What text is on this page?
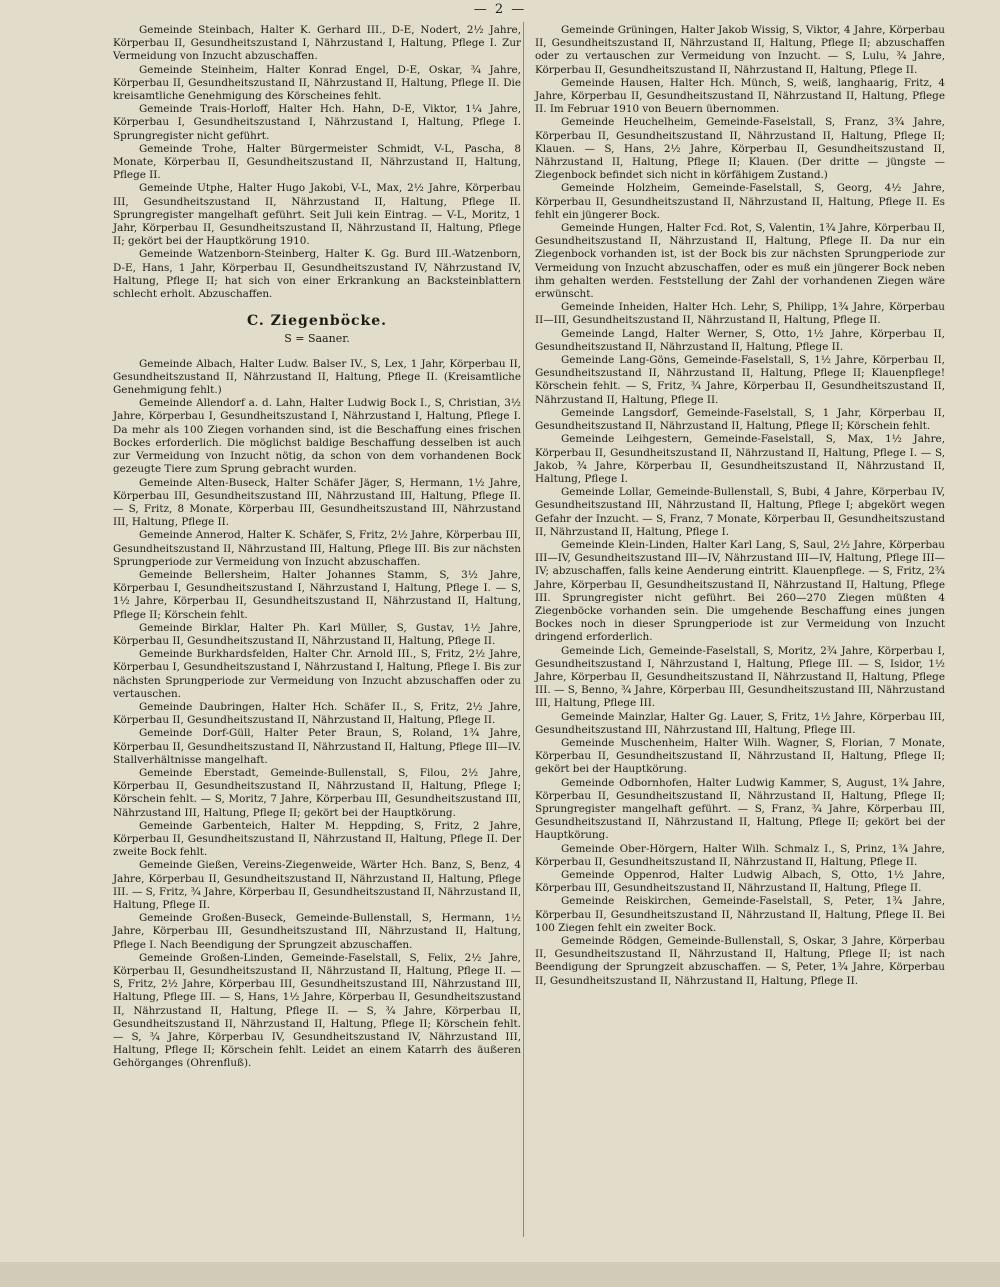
— 2 —

Gemeinde Steinbach, Halter K. Gerhard III., D-E, Nodert, 2½ Jahre, Körperbau II, Gesundheitszustand I, Nährzustand I, Haltung, Pflege I. Zur Vermeidung von Inzucht abzuschaffen.

Gemeinde Steinheim, Halter Konrad Engel, D-E, Oskar, ¾ Jahre, Körperbau II, Gesundheitszustand II, Nährzustand II, Haltung, Pflege II. Die kreisamtliche Genehmigung des Körscheines fehlt.

Gemeinde Trais-Horloff, Halter Hch. Hahn, D-E, Viktor, 1¼ Jahre, Körperbau I, Gesundheitszustand I, Nährzustand I, Haltung, Pflege I. Sprungregister nicht geführt.

Gemeinde Trohe, Halter Bürgermeister Schmidt, V-L, Pascha, 8 Monate, Körperbau II, Gesundheitszustand II, Nährzustand II, Haltung, Pflege II.

Gemeinde Utphe, Halter Hugo Jakobi, V-L, Max, 2½ Jahre, Körperbau III, Gesundheitszustand II, Nährzustand II, Haltung, Pflege II. Sprungregister mangelhaft geführt. Seit Juli kein Eintrag. — V-L, Moritz, 1 Jahr, Körperbau II, Gesundheitszustand II, Nährzustand II, Haltung, Pflege II; gekört bei der Hauptkörung 1910.

Gemeinde Watzenborn-Steinberg, Halter K. Gg. Burd III.-Watzenborn, D-E, Hans, 1 Jahr, Körperbau II, Gesundheitszustand IV, Nährzustand IV, Haltung, Pflege II; hat sich von einer Erkrankung an Backsteinblattern schlecht erholt. Abzuschaffen.

C. Ziegenböcke.
S = Saaner.

Gemeinde Albach, Halter Ludw. Balser IV., S, Lex, 1 Jahr, Körperbau II, Gesundheitszustand II, Nährzustand II, Haltung, Pflege II. (Kreisamtliche Genehmigung fehlt.)

Gemeinde Allendorf a. d. Lahn, Halter Ludwig Bock I., S, Christian, 3½ Jahre, Körperbau I, Gesundheitszustand I, Nährzustand I, Haltung, Pflege I. Da mehr als 100 Ziegen vorhanden sind, ist die Beschaffung eines frischen Bockes erforderlich. Die möglichst baldige Beschaffung desselben ist auch zur Vermeidung von Inzucht nötig, da schon von dem vorhandenen Bock gezeugte Tiere zum Sprung gebracht wurden.

Gemeinde Alten-Buseck, Halter Schäfer Jäger, S, Hermann, 1½ Jahre, Körperbau III, Gesundheitszustand III, Nährzustand III, Haltung, Pflege II. — S, Fritz, 8 Monate, Körperbau III, Gesundheitszustand III, Nährzustand III, Haltung, Pflege II.

Gemeinde Annerod, Halter K. Schäfer, S, Fritz, 2½ Jahre, Körperbau III, Gesundheitszustand II, Nährzustand III, Haltung, Pflege III. Bis zur nächsten Sprungperiode zur Vermeidung von Inzucht abzuschaffen.

Gemeinde Bellersheim, Halter Johannes Stamm, S, 3½ Jahre, Körperbau I, Gesundheitszustand I, Nährzustand I, Haltung, Pflege I. — S, 1½ Jahre, Körperbau II, Gesundheitszustand II, Nährzustand II, Haltung, Pflege II; Körschein fehlt.

Gemeinde Birklar, Halter Ph. Karl Müller, S, Gustav, 1½ Jahre, Körperbau II, Gesundheitszustand II, Nährzustand II, Haltung, Pflege II.

Gemeinde Burkhardsfelden, Halter Chr. Arnold III., S, Fritz, 2½ Jahre, Körperbau I, Gesundheitszustand I, Nährzustand I, Haltung, Pflege I. Bis zur nächsten Sprungperiode zur Vermeidung von Inzucht abzuschaffen oder zu vertauschen.

Gemeinde Daubringen, Halter Hch. Schäfer II., S, Fritz, 2½ Jahre, Körperbau II, Gesundheitszustand II, Nährzustand II, Haltung, Pflege II.

Gemeinde Dorf-Güll, Halter Peter Braun, S, Roland, 1¾ Jahre, Körperbau II, Gesundheitszustand II, Nährzustand II, Haltung, Pflege III—IV. Stallverhältnisse mangelhaft.

Gemeinde Eberstadt, Gemeinde-Bullenstall, S, Filou, 2½ Jahre, Körperbau II, Gesundheitszustand II, Nährzustand II, Haltung, Pflege I; Körschein fehlt. — S, Moritz, 7 Jahre, Körperbau III, Gesundheitszustand III, Nährzustand III, Haltung, Pflege II; gekört bei der Hauptkörung.

Gemeinde Garbenteich, Halter M. Heppding, S, Fritz, 2 Jahre, Körperbau II, Gesundheitszustand II, Nährzustand II, Haltung, Pflege II. Der zweite Bock fehlt.

Gemeinde Gießen, Vereins-Ziegenweide, Wärter Hch. Banz, S, Benz, 4 Jahre, Körperbau II, Gesundheitszustand II, Nährzustand II, Haltung, Pflege III. — S, Fritz, ¾ Jahre, Körperbau II, Gesundheitszustand II, Nährzustand II, Haltung, Pflege II.

Gemeinde Großen-Buseck, Gemeinde-Bullenstall, S, Hermann, 1½ Jahre, Körperbau III, Gesundheitszustand III, Nährzustand II, Haltung, Pflege I. Nach Beendigung der Sprungzeit abzuschaffen.

Gemeinde Großen-Linden, Gemeinde-Faselstall, S, Felix, 2½ Jahre, Körperbau II, Gesundheitszustand II, Nährzustand II, Haltung, Pflege II. — S, Fritz, 2½ Jahre, Körperbau III, Gesundheitszustand III, Nährzustand III, Haltung, Pflege III. — S, Hans, 1½ Jahre, Körperbau II, Gesundheitszustand II, Nährzustand II, Haltung, Pflege II. — S, ¾ Jahre, Körperbau II, Gesundheitszustand II, Nährzustand II, Haltung, Pflege II; Körschein fehlt. — S, ¾ Jahre, Körperbau IV, Gesundheitszustand IV, Nährzustand III, Haltung, Pflege II; Körschein fehlt. Leidet an einem Katarrh des äußeren Gehörganges (Ohrenfluß).

Gemeinde Grüningen, Halter Jakob Wissig, S, Viktor, 4 Jahre, Körperbau II, Gesundheitszustand II, Nährzustand II, Haltung, Pflege II; abzuschaffen oder zu vertauschen zur Vermeidung von Inzucht. — S, Lulu, ¾ Jahre, Körperbau II, Gesundheitszustand II, Nährzustand II, Haltung, Pflege II.

Gemeinde Hausen, Halter Hch. Münch, S, weiß, langhaarig, Fritz, 4 Jahre, Körperbau II, Gesundheitszustand II, Nährzustand II, Haltung, Pflege II. Im Februar 1910 von Beuern übernommen.

Gemeinde Heuchelheim, Gemeinde-Faselstall, S, Franz, 3¾ Jahre, Körperbau II, Gesundheitszustand II, Nährzustand II, Haltung, Pflege II; Klauen. — S, Hans, 2½ Jahre, Körperbau II, Gesundheitszustand II, Nährzustand II, Haltung, Pflege II; Klauen. (Der dritte — jüngste — Ziegenbock befindet sich nicht in körfähigem Zustand.)

Gemeinde Holzheim, Gemeinde-Faselstall, S, Georg, 4½ Jahre, Körperbau II, Gesundheitszustand II, Nährzustand II, Haltung, Pflege II. Es fehlt ein jüngerer Bock.

Gemeinde Hungen, Halter Fcd. Rot, S, Valentin, 1¾ Jahre, Körperbau II, Gesundheitszustand II, Nährzustand II, Haltung, Pflege II. Da nur ein Ziegenbock vorhanden ist, ist der Bock bis zur nächsten Sprungperiode zur Vermeidung von Inzucht abzuschaffen, oder es muß ein jüngerer Bock neben ihm gehalten werden. Feststellung der Zahl der vorhandenen Ziegen wäre erwünscht.

Gemeinde Inheiden, Halter Hch. Lehr, S, Philipp, 1¾ Jahre, Körperbau II—III, Gesundheitszustand II, Nährzustand II, Haltung, Pflege II.

Gemeinde Langd, Halter Werner, S, Otto, 1½ Jahre, Körperbau II, Gesundheitszustand II, Nährzustand II, Haltung, Pflege II.

Gemeinde Lang-Göns, Gemeinde-Faselstall, S, 1½ Jahre, Körperbau II, Gesundheitszustand II, Nährzustand II, Haltung, Pflege II; Klauenpflege! Körschein fehlt. — S, Fritz, ¾ Jahre, Körperbau II, Gesundheitszustand II, Nährzustand II, Haltung, Pflege II.

Gemeinde Langsdorf, Gemeinde-Faselstall, S, 1 Jahr, Körperbau II, Gesundheitszustand II, Nährzustand II, Haltung, Pflege II; Körschein fehlt.

Gemeinde Leihgestern, Gemeinde-Faselstall, S, Max, 1½ Jahre, Körperbau II, Gesundheitszustand II, Nährzustand II, Haltung, Pflege I. — S, Jakob, ¾ Jahre, Körperbau II, Gesundheitszustand II, Nährzustand II, Haltung, Pflege I.

Gemeinde Lollar, Gemeinde-Bullenstall, S, Bubi, 4 Jahre, Körperbau IV, Gesundheitszustand III, Nährzustand II, Haltung, Pflege I; abgekört wegen Gefahr der Inzucht. — S, Franz, 7 Monate, Körperbau II, Gesundheitszustand II, Nährzustand II, Haltung, Pflege I.

Gemeinde Klein-Linden, Halter Karl Lang, S, Saul, 2½ Jahre, Körperbau III—IV, Gesundheitszustand III—IV, Nährzustand III—IV, Haltung, Pflege III—IV; abzuschaffen, falls keine Aenderung eintritt. Klauenpflege. — S, Fritz, 2¾ Jahre, Körperbau II, Gesundheitszustand II, Nährzustand II, Haltung, Pflege III. Sprungregister nicht geführt. Bei 260—270 Ziegen müßten 4 Ziegenböcke vorhanden sein. Die umgehende Beschaffung eines jungen Bockes noch in dieser Sprungperiode ist zur Vermeidung von Inzucht dringend erforderlich.

Gemeinde Lich, Gemeinde-Faselstall, S, Moritz, 2¾ Jahre, Körperbau I, Gesundheitszustand I, Nährzustand I, Haltung, Pflege III. — S, Isidor, 1½ Jahre, Körperbau II, Gesundheitszustand II, Nährzustand II, Haltung, Pflege III. — S, Benno, ¾ Jahre, Körperbau III, Gesundheitszustand III, Nährzustand III, Haltung, Pflege III.

Gemeinde Mainzlar, Halter Gg. Lauer, S, Fritz, 1½ Jahre, Körperbau III, Gesundheitszustand III, Nährzustand III, Haltung, Pflege III.

Gemeinde Muschenheim, Halter Wilh. Wagner, S, Florian, 7 Monate, Körperbau II, Gesundheitszustand II, Nährzustand II, Haltung, Pflege II; gekört bei der Hauptkörung.

Gemeinde Odbornhofen, Halter Ludwig Kammer, S, August, 1¾ Jahre, Körperbau II, Gesundheitszustand II, Nährzustand II, Haltung, Pflege II; Sprungregister mangelhaft geführt. — S, Franz, ¾ Jahre, Körperbau III, Gesundheitszustand II, Nährzustand II, Haltung, Pflege II; gekört bei der Hauptkörung.

Gemeinde Ober-Hörgern, Halter Wilh. Schmalz I., S, Prinz, 1¾ Jahre, Körperbau II, Gesundheitszustand II, Nährzustand II, Haltung, Pflege II.

Gemeinde Oppenrod, Halter Ludwig Albach, S, Otto, 1½ Jahre, Körperbau III, Gesundheitszustand II, Nährzustand II, Haltung, Pflege II.

Gemeinde Reiskirchen, Gemeinde-Faselstall, S, Peter, 1¾ Jahre, Körperbau II, Gesundheitszustand II, Nährzustand II, Haltung, Pflege II. Bei 100 Ziegen fehlt ein zweiter Bock.

Gemeinde Rödgen, Gemeinde-Bullenstall, S, Oskar, 3 Jahre, Körperbau II, Gesundheitszustand II, Nährzustand II, Haltung, Pflege II; ist nach Beendigung der Sprungzeit abzuschaffen. — S, Peter, 1¾ Jahre, Körperbau II, Gesundheitszustand II, Nährzustand II, Haltung, Pflege II.
